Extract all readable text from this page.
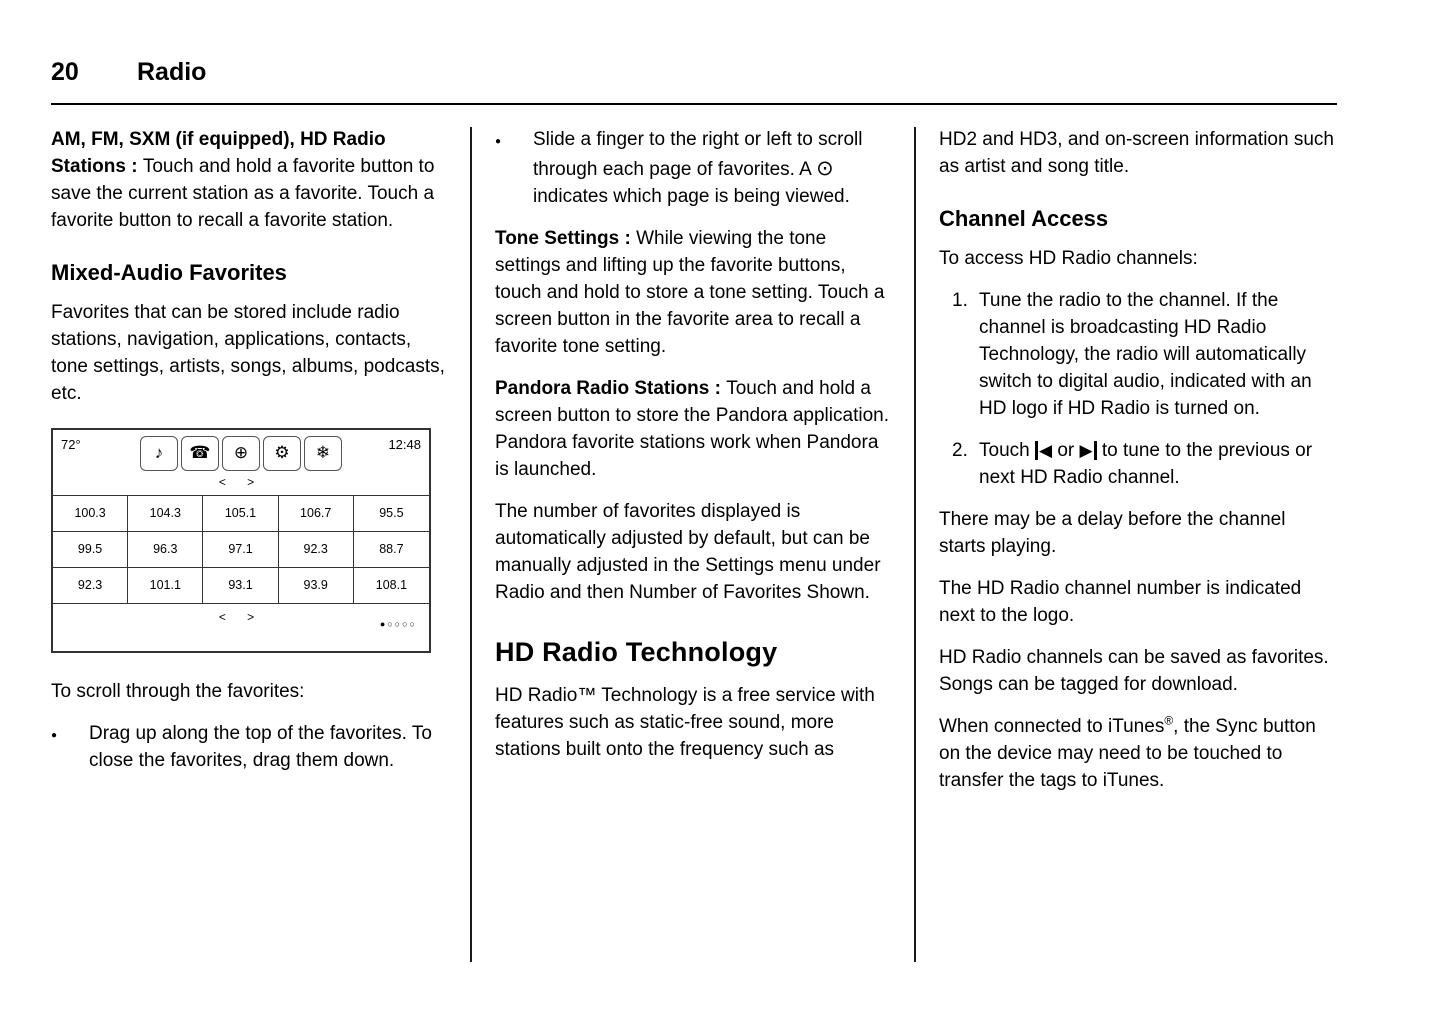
20	Radio

AM, FM, SXM (if equipped), HD Radio Stations : Touch and hold a favorite button to save the current station as a favorite. Touch a favorite button to recall a favorite station.

Mixed-Audio Favorites

Favorites that can be stored include radio stations, navigation, applications, contacts, tone settings, artists, songs, albums, podcasts, etc.

72°	♪	☎	⊕	⚙	❄	12:48
< >
100.3	104.3	105.1	106.7	95.5
99.5	96.3	97.1	92.3	88.7
92.3	101.1	93.1	93.9	108.1
< >	●○○○○

To scroll through the favorites:

●	Drag up along the top of the favorites. To close the favorites, drag them down.
●	Slide a finger to the right or left to scroll through each page of favorites. A ⊙ indicates which page is being viewed.

Tone Settings : While viewing the tone settings and lifting up the favorite buttons, touch and hold to store a tone setting. Touch a screen button in the favorite area to recall a favorite tone setting.

Pandora Radio Stations : Touch and hold a screen button to store the Pandora application. Pandora favorite stations work when Pandora is launched.

The number of favorites displayed is automatically adjusted by default, but can be manually adjusted in the Settings menu under Radio and then Number of Favorites Shown.

HD Radio Technology

HD Radio™ Technology is a free service with features such as static-free sound, more stations built onto the frequency such as

HD2 and HD3, and on-screen information such as artist and song title.

Channel Access

To access HD Radio channels:

1. Tune the radio to the channel. If the channel is broadcasting HD Radio Technology, the radio will automatically switch to digital audio, indicated with an HD logo if HD Radio is turned on.
2. Touch ◀ or ▶ to tune to the previous or next HD Radio channel.

There may be a delay before the channel starts playing.

The HD Radio channel number is indicated next to the logo.

HD Radio channels can be saved as favorites. Songs can be tagged for download.

When connected to iTunes®, the Sync button on the device may need to be touched to transfer the tags to iTunes.
